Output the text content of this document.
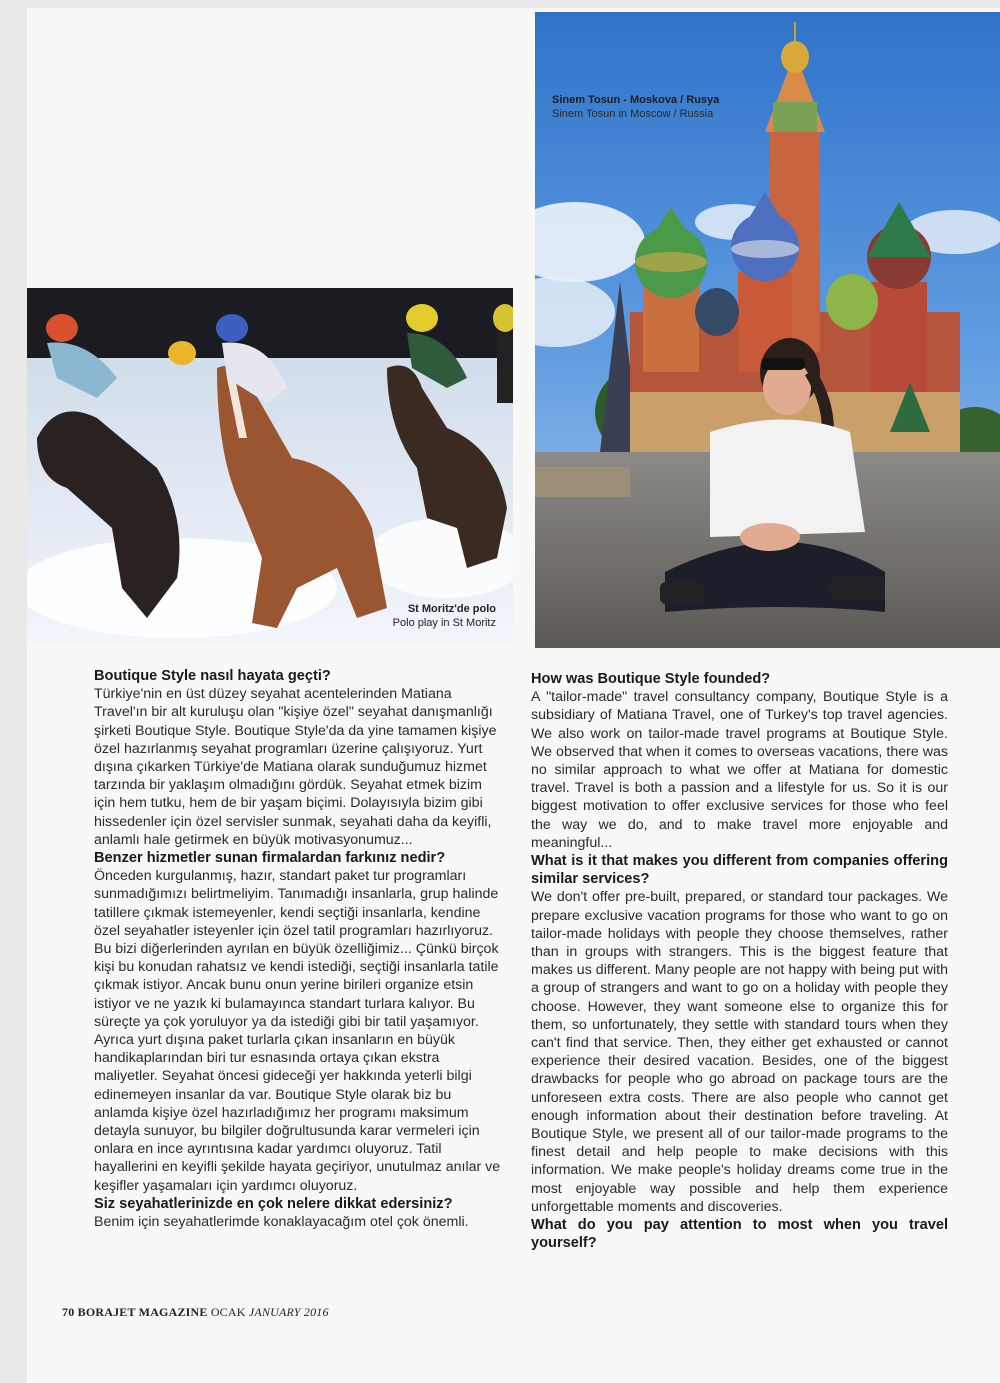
Sinem Tosun - Moskova / Rusya
Sinem Tosun in Moscow / Russia
St Moritz'de polo
Polo play in St Moritz
Boutique Style nasıl hayata geçti?

Türkiye'nin en üst düzey seyahat acentelerinden Matiana Travel'ın bir alt kuruluşu olan "kişiye özel" seyahat danışmanlığı şirketi Boutique Style. Boutique Style'da da yine tamamen kişiye özel hazırlanmış seyahat programları üzerine çalışıyoruz. Yurt dışına çıkarken Türkiye'de Matiana olarak sunduğumuz hizmet tarzında bir yaklaşım olmadığını gördük. Seyahat etmek bizim için hem tutku, hem de bir yaşam biçimi. Dolayısıyla bizim gibi hissedenler için özel servisler sunmak, seyahati daha da keyifli, anlamlı hale getirmek en büyük motivasyonumuz...

Benzer hizmetler sunan firmalardan farkınız nedir?

Önceden kurgulanmış, hazır, standart paket tur programları sunmadığımızı belirtmeliyim. Tanımadığı insanlarla, grup halinde tatillere çıkmak istemeyenler, kendi seçtiği insanlarla, kendine özel seyahatler isteyenler için özel tatil programları hazırlıyoruz. Bu bizi diğerlerinden ayrılan en büyük özelliğimiz... Çünkü birçok kişi bu konudan rahatsız ve kendi istediği, seçtiği insanlarla tatile çıkmak istiyor. Ancak bunu onun yerine birileri organize etsin istiyor ve ne yazık ki bulamayınca standart turlara kalıyor. Bu süreçte ya çok yoruluyor ya da istediği gibi bir tatil yaşamıyor. Ayrıca yurt dışına paket turlarla çıkan insanların en büyük handikaplarından biri tur esnasında ortaya çıkan ekstra maliyetler. Seyahat öncesi gideceği yer hakkında yeterli bilgi edinemeyen insanlar da var. Boutique Style olarak biz bu anlamda kişiye özel hazırladığımız her programı maksimum detayla sunuyor, bu bilgiler doğrultusunda karar vermeleri için onlara en ince ayrıntısına kadar yardımcı oluyoruz. Tatil hayallerini en keyifli şekilde hayata geçiriyor, unutulmaz anılar ve keşifler yaşamaları için yardımcı oluyoruz.

Siz seyahatlerinizde en çok nelere dikkat edersiniz?

Benim için seyahatlerimde konaklayacağım otel çok önemli.

How was Boutique Style founded?

A "tailor-made" travel consultancy company, Boutique Style is a subsidiary of Matiana Travel, one of Turkey's top travel agencies. We also work on tailor-made travel programs at Boutique Style. We observed that when it comes to overseas vacations, there was no similar approach to what we offer at Matiana for domestic travel. Travel is both a passion and a lifestyle for us. So it is our biggest motivation to offer exclusive services for those who feel the way we do, and to make travel more enjoyable and meaningful...

What is it that makes you different from companies offering similar services?

We don't offer pre-built, prepared, or standard tour packages. We prepare exclusive vacation programs for those who want to go on tailor-made holidays with people they choose themselves, rather than in groups with strangers. This is the biggest feature that makes us different. Many people are not happy with being put with a group of strangers and want to go on a holiday with people they choose. However, they want someone else to organize this for them, so unfortunately, they settle with standard tours when they can't find that service. Then, they either get exhausted or cannot experience their desired vacation. Besides, one of the biggest drawbacks for people who go abroad on package tours are the unforeseen extra costs. There are also people who cannot get enough information about their destination before traveling. At Boutique Style, we present all of our tailor-made programs to the finest detail and help people to make decisions with this information. We make people's holiday dreams come true in the most enjoyable way possible and help them experience unforgettable moments and discoveries.

What do you pay attention to most when you travel yourself?
70 BORAJET MAGAZINE OCAK JANUARY 2016
